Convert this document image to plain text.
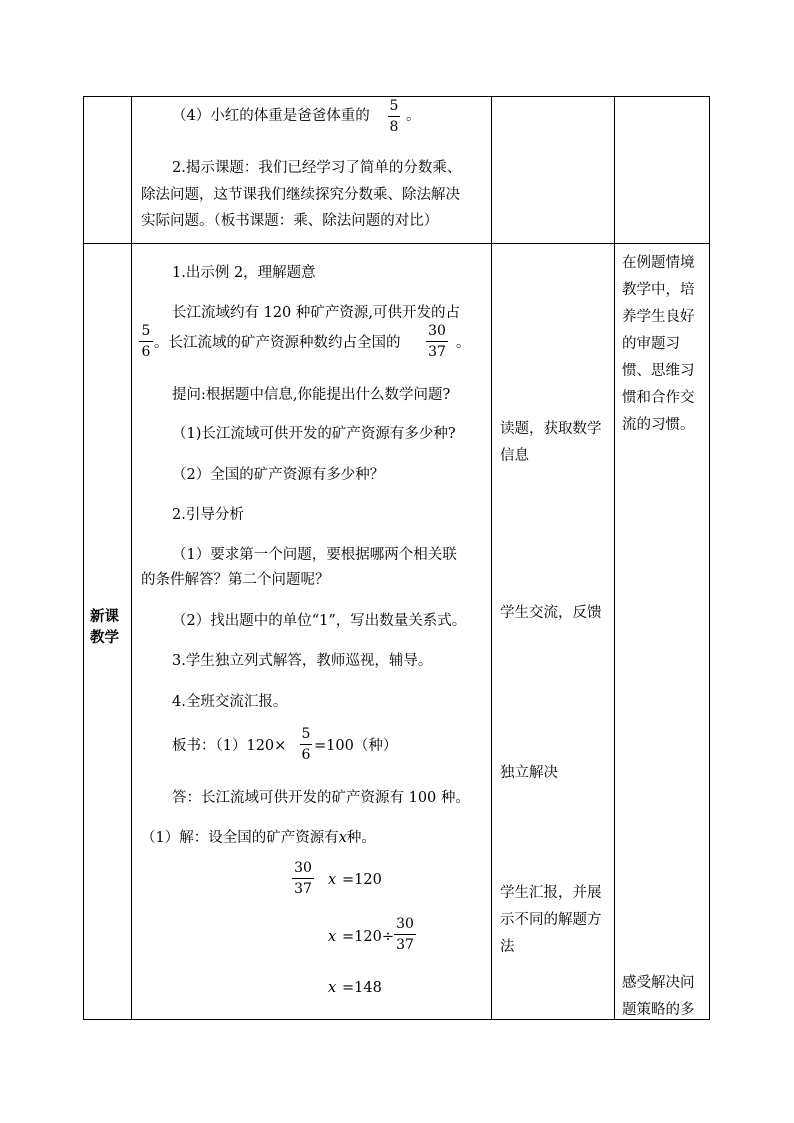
（4）小红的体重是爸爸体重的
5
8
。
2.揭示课题：我们已经学习了简单的分数乘、
除法问题，这节课我们继续探究分数乘、除法解决
实际问题。（板书课题：乘、除法问题的对比）
新课
教学
1.出示例 2，理解题意
长江流域约有 120 种矿产资源,可供开发的占
5
6
。长江流域的矿产资源种数约占全国的
30
37
。
提问:根据题中信息,你能提出什么数学问题?
（1)长江流域可供开发的矿产资源有多少种?
（2）全国的矿产资源有多少种？
2.引导分析
（1）要求第一个问题，要根据哪两个相关联
的条件解答？第二个问题呢？
（2）找出题中的单位“1”，写出数量关系式。
3.学生独立列式解答，教师巡视，辅导。
4.全班交流汇报。
板书：（1）120×
5
6
=100（种）
答：长江流域可供开发的矿产资源有 100 种。
（1）解：设全国的矿产资源有x种。
30
37
x =120
x =120÷
30
37
x =148
读题，获取数学信息
学生交流，反馈
独立解决
学生汇报，并展示不同的解题方法
在例题情境教学中，培养学生良好的审题习惯、思维习惯和合作交流的习惯。
感受解决问题策略的多
